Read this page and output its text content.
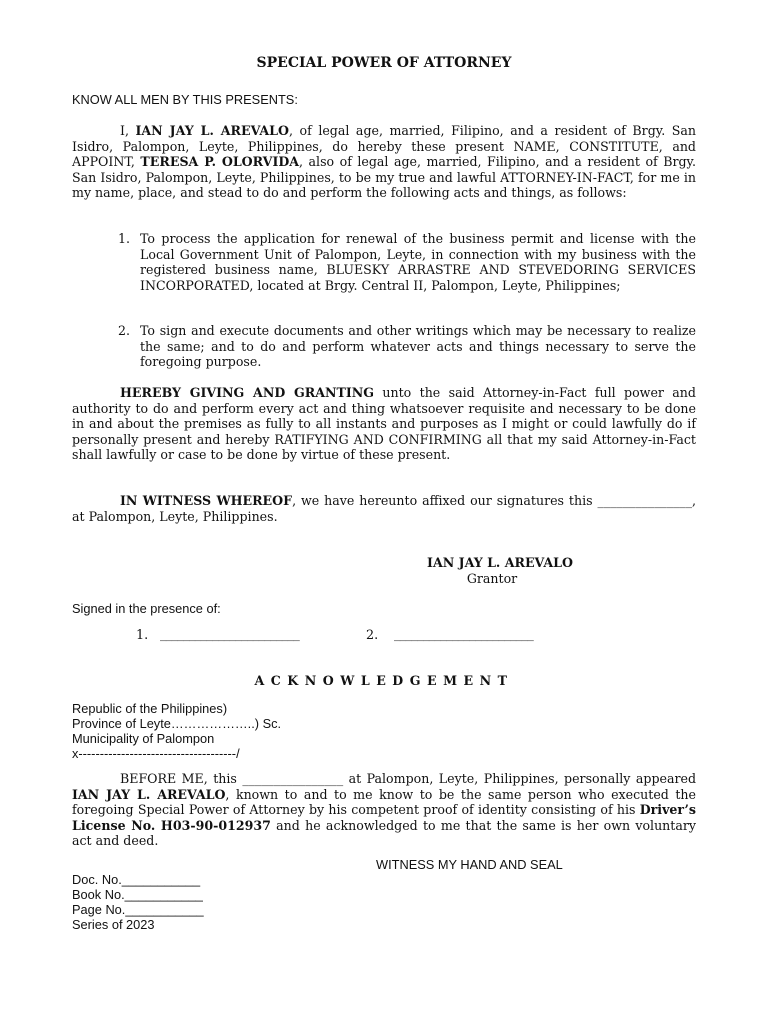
SPECIAL POWER OF ATTORNEY
KNOW ALL MEN BY THIS PRESENTS:
I, IAN JAY L. AREVALO, of legal age, married, Filipino, and a resident of Brgy. San Isidro, Palompon, Leyte, Philippines, do hereby these present NAME, CONSTITUTE, and APPOINT, TERESA P. OLORVIDA, also of legal age, married, Filipino, and a resident of Brgy. San Isidro, Palompon, Leyte, Philippines, to be my true and lawful ATTORNEY-IN-FACT, for me in my name, place, and stead to do and perform the following acts and things, as follows:
1. To process the application for renewal of the business permit and license with the Local Government Unit of Palompon, Leyte, in connection with my business with the registered business name, BLUESKY ARRASTRE AND STEVEDORING SERVICES INCORPORATED, located at Brgy. Central II, Palompon, Leyte, Philippines;
2. To sign and execute documents and other writings which may be necessary to realize the same; and to do and perform whatever acts and things necessary to serve the foregoing purpose.
HEREBY GIVING AND GRANTING unto the said Attorney-in-Fact full power and authority to do and perform every act and thing whatsoever requisite and necessary to be done in and about the premises as fully to all instants and purposes as I might or could lawfully do if personally present and hereby RATIFYING AND CONFIRMING all that my said Attorney-in-Fact shall lawfully or case to be done by virtue of these present.
IN WITNESS WHEREOF, we have hereunto affixed our signatures this _______________, at Palompon, Leyte, Philippines.
IAN JAY L. AREVALO
Grantor
Signed in the presence of:
1. ________________________	2. ________________________
ACKNOWLEDGEMENT
Republic of the Philippines)
Province of Leyte………………..) Sc.
Municipality of Palompon
x-------------------------------------/
BEFORE ME, this ________________ at Palompon, Leyte, Philippines, personally appeared IAN JAY L. AREVALO, known to and to me know to be the same person who executed the foregoing Special Power of Attorney by his competent proof of identity consisting of his Driver’s License No. H03-90-012937 and he acknowledged to me that the same is her own voluntary act and deed.
WITNESS MY HAND AND SEAL
Doc. No.___________
Book No.___________
Page No.___________
Series of 2023
